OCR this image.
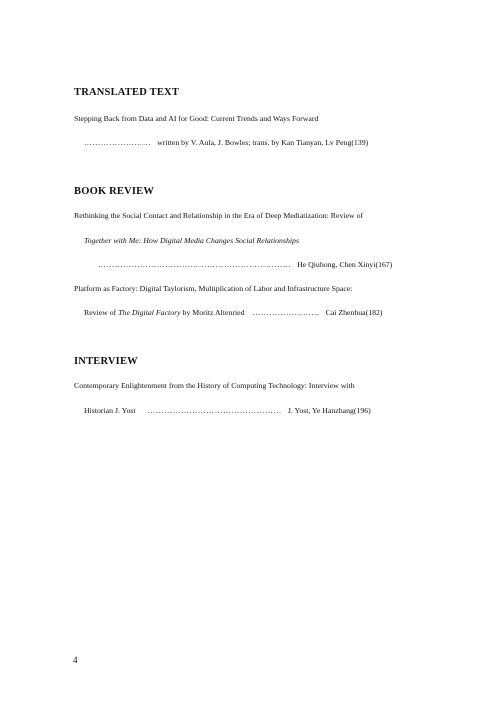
TRANSLATED TEXT
Stepping Back from Data and AI for Good: Current Trends and Ways Forward
…………………… written by V. Aula, J. Bowles; trans. by Kan Tianyan, Lv Peng(139)
BOOK REVIEW
Rethinking the Social Contact and Relationship in the Era of Deep Mediatization: Review of
Together with Me: How Digital Media Changes Social Relationships
…………………………………………………………… He Qiuhong, Chen Xinyi(167)
Platform as Factory: Digital Taylorism, Multiplication of Labor and Infrastructure Space:
Review of The Digital Factory by Moritz Altenried …………………… Cai Zhenhua(182)
INTERVIEW
Contemporary Enlightenment from the History of Computing Technology: Interview with
Historian J. Yost ………………………………………… J. Yost, Ye Hanzhang(196)
4
